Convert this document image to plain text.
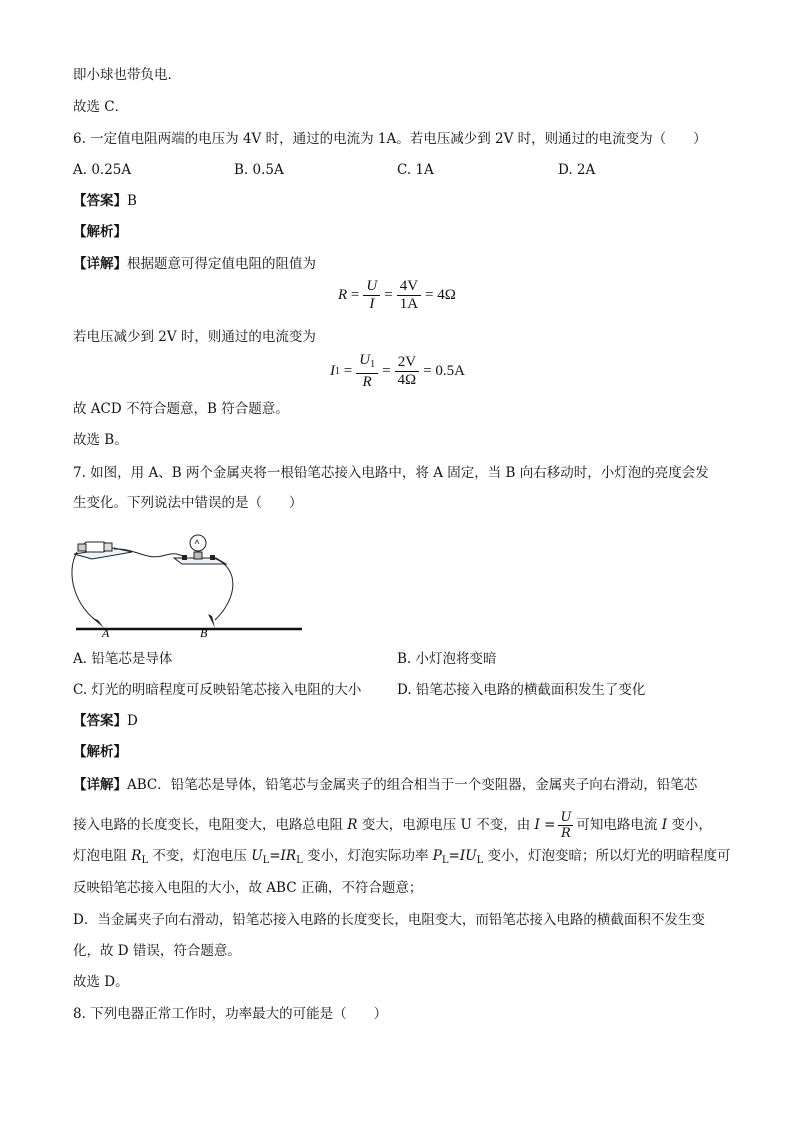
即小球也带负电．
故选 C．
6. 一定值电阻两端的电压为 4V 时，通过的电流为 1A。若电压减少到 2V 时，则通过的电流变为（　　）
A. 0.25A	B. 0.5A	C. 1A	D. 2A
【答案】B
【解析】
【详解】根据题意可得定值电阻的阻值为
$R = \frac{U}{I} = \frac{4V}{1A} = 4\Omega$
若电压减少到 2V 时，则通过的电流变为
I $1 = \frac{U_1}{R} = \frac{2V}{4\Omega} = 0.5A$
故 ACD 不符合题意，B 符合题意。
故选 B。
7. 如图，用 A、B 两个金属夹将一根铅笔芯接入电路中，将 A 固定，当 B 向右移动时，小灯泡的亮度会发
生变化。下列说法中错误的是（　　）
A	B
A. 铅笔芯是导体	B. 小灯泡将变暗
C. 灯光的明暗程度可反映铅笔芯接入电阻的大小	D. 铅笔芯接入电路的横截面积发生了变化
【答案】D
【解析】
【详解】ABC．铅笔芯是导体，铅笔芯与金属夹子的组合相当于一个变阻器，金属夹子向右滑动，铅笔芯
接入电路的长度变长，电阻变大，电路总电阻 R 变大，电源电压 U 不变，由 $I = \frac{U}{R}$ 可知电路电流 I 变小，
灯泡电阻 $R_L$ 不变，灯泡电压 $U_L=IR_L$ 变小，灯泡实际功率 $P_L=IU_L$ 变小，灯泡变暗；所以灯光的明暗程度可
反映铅笔芯接入电阻的大小，故 ABC 正确，不符合题意；
D．当金属夹子向右滑动，铅笔芯接入电路的长度变长，电阻变大，而铅笔芯接入电路的横截面积不发生变
化，故 D 错误，符合题意。
故选 D。
8. 下列电器正常工作时，功率最大的可能是（　　）
